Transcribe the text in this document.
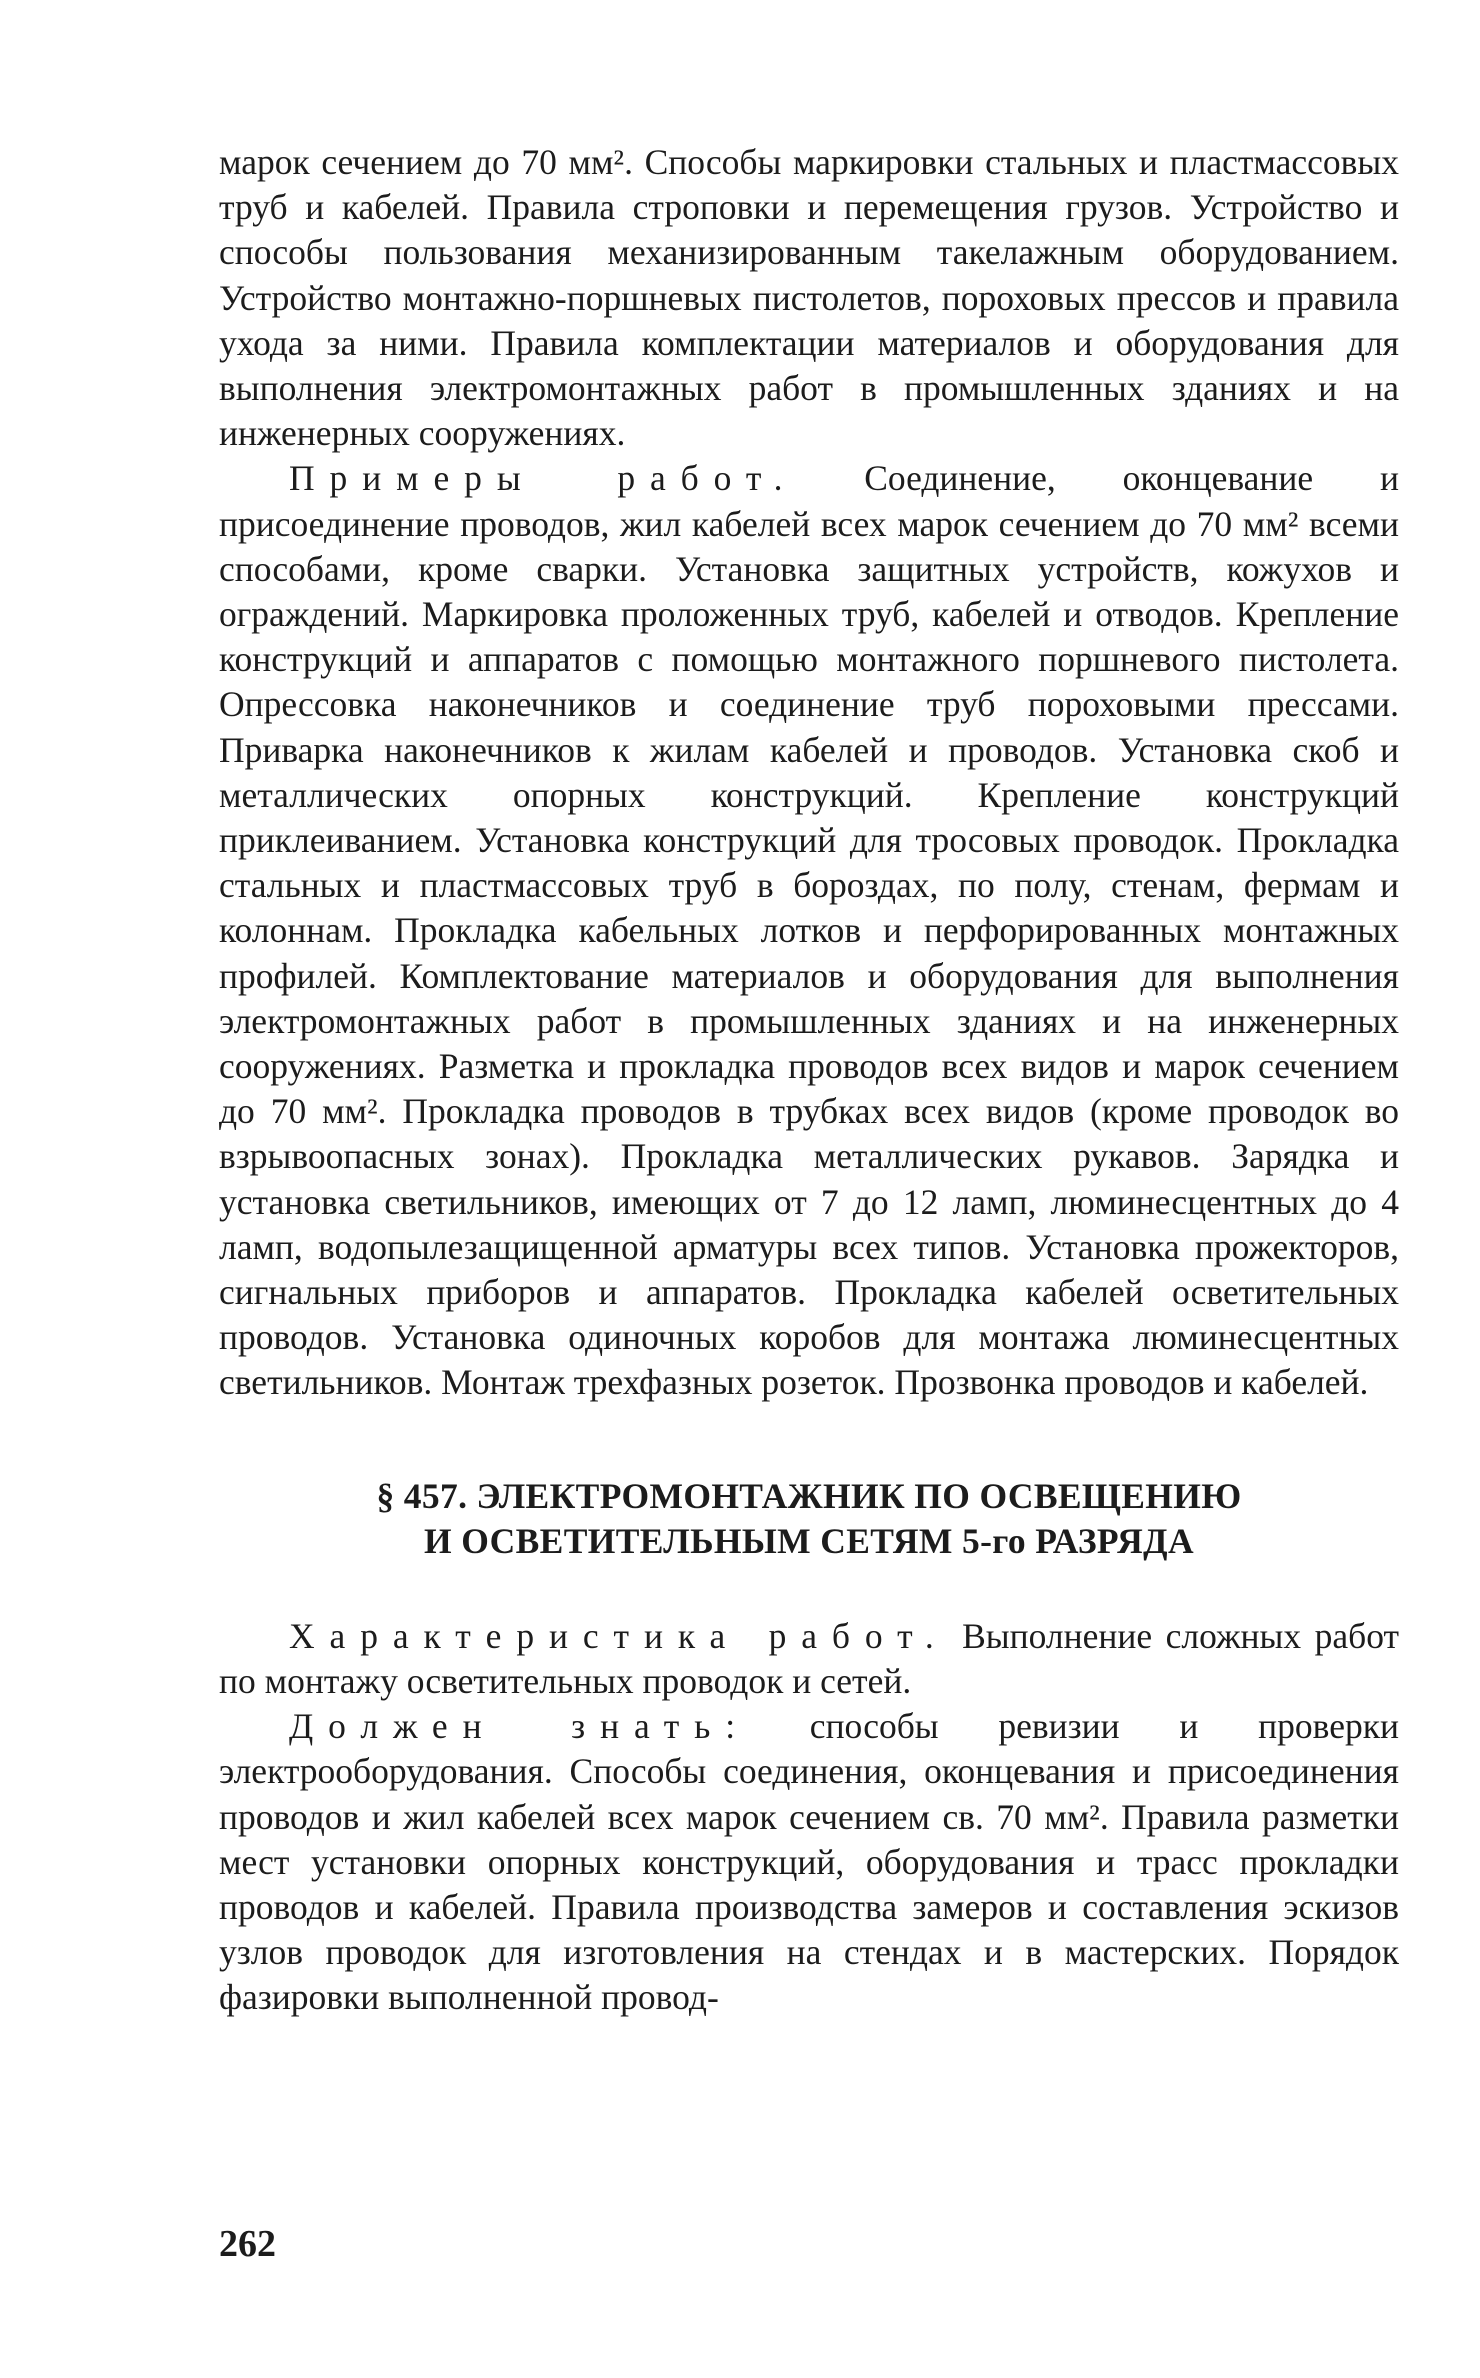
марок сечением до 70 мм². Способы маркировки стальных и пластмассовых труб и кабелей. Правила строповки и перемещения грузов. Устройство и способы пользования механизированным такелажным оборудованием. Устройство монтажно-поршневых пистолетов, пороховых прессов и правила ухода за ними. Правила комплектации материалов и оборудования для выполнения электромонтажных работ в промышленных зданиях и на инженерных сооружениях.

Примеры работ. Соединение, оконцевание и присоединение проводов, жил кабелей всех марок сечением до 70 мм² всеми способами, кроме сварки. Установка защитных устройств, кожухов и ограждений. Маркировка проложенных труб, кабелей и отводов. Крепление конструкций и аппаратов с помощью монтажного поршневого пистолета. Опрессовка наконечников и соединение труб пороховыми прессами. Приварка наконечников к жилам кабелей и проводов. Установка скоб и металлических опорных конструкций. Крепление конструкций приклеиванием. Установка конструкций для тросовых проводок. Прокладка стальных и пластмассовых труб в бороздах, по полу, стенам, фермам и колоннам. Прокладка кабельных лотков и перфорированных монтажных профилей. Комплектование материалов и оборудования для выполнения электромонтажных работ в промышленных зданиях и на инженерных сооружениях. Разметка и прокладка проводов всех видов и марок сечением до 70 мм². Прокладка проводов в трубках всех видов (кроме проводок во взрывоопасных зонах). Прокладка металлических рукавов. Зарядка и установка светильников, имеющих от 7 до 12 ламп, люминесцентных до 4 ламп, водопылезащищенной арматуры всех типов. Установка прожекторов, сигнальных приборов и аппаратов. Прокладка кабелей осветительных проводов. Установка одиночных коробов для монтажа люминесцентных светильников. Монтаж трехфазных розеток. Прозвонка проводов и кабелей.

§ 457. ЭЛЕКТРОМОНТАЖНИК ПО ОСВЕЩЕНИЮ
И ОСВЕТИТЕЛЬНЫМ СЕТЯМ 5-го РАЗРЯДА

Характеристика работ. Выполнение сложных работ по монтажу осветительных проводок и сетей.

Должен знать: способы ревизии и проверки электрооборудования. Способы соединения, оконцевания и присоединения проводов и жил кабелей всех марок сечением св. 70 мм². Правила разметки мест установки опорных конструкций, оборудования и трасс прокладки проводов и кабелей. Правила производства замеров и составления эскизов узлов проводок для изготовления на стендах и в мастерских. Порядок фазировки выполненной провод-

262
